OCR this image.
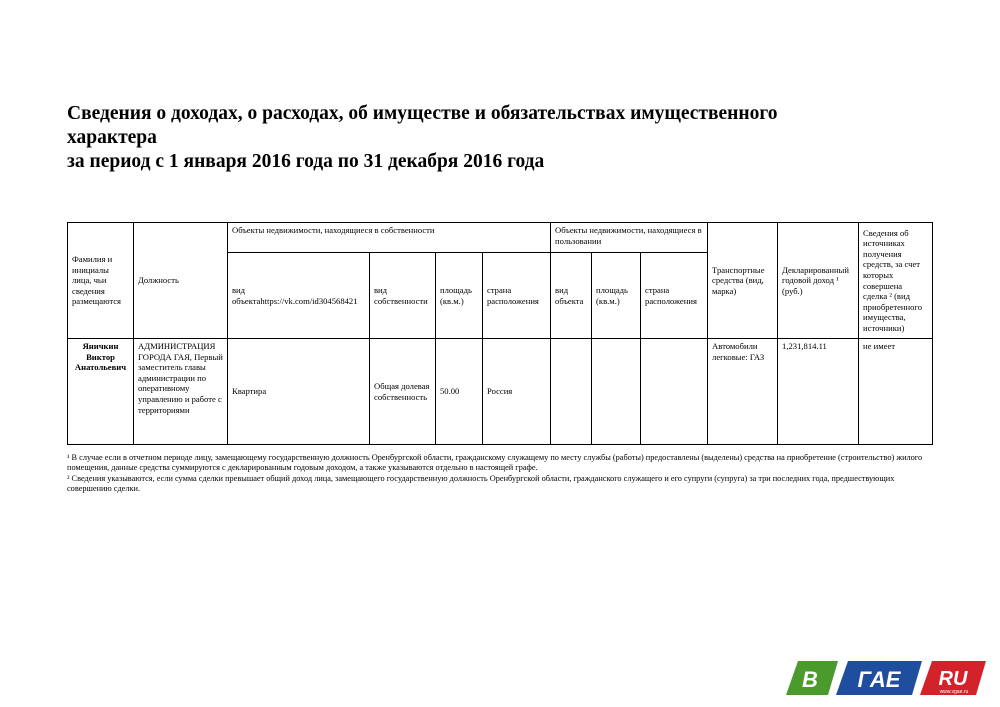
Сведения о доходах, о расходах, об имуществе и обязательствах имущественного
характера
за период с 1 января 2016 года по 31 декабря 2016 года
Фамилия и инициалы лица, чьи сведения размещаются	Должность	Объекты недвижимости, находящиеся в собственности				Объекты недвижимости, находящиеся в пользовании			Транспортные средства (вид, марка)	Декларированный годовой доход ¹ (руб.)	Сведения об источниках получения средств, за счет которых совершена сделка ² (вид приобретенного имущества, источники)
		вид объектahttps://vk.com/id304568421	вид собственности	площадь (кв.м.)	страна расположения	вид объекта	площадь (кв.м.)	страна расположения			
Яничкин Виктор Анатольевич	АДМИНИСТРАЦИЯ ГОРОДА ГАЯ, Первый заместитель главы администрации по оперативному управлению и работе с территориями	Квартира	Общая долевая собственность	50.00	Россия				Автомобили легковые: ГАЗ	1,231,814.11	не имеет

¹ В случае если в отчетном периоде лицу, замещающему государственную должность Оренбургской области, гражданскому служащему по месту службы (работы) предоставлены (выделены) средства на приобретение (строительство) жилого помещения, данные средства суммируются с декларированным годовым доходом, а также указываются отдельно в настоящей графе.

² Сведения указываются, если сумма сделки превышает общий доход лица, замещающего государственную должность Оренбургской области, гражданского служащего и его супруги (супруга) за три последних года, предшествующих совершению сделки.

В ГАЕ RU
www.vgae.ru
